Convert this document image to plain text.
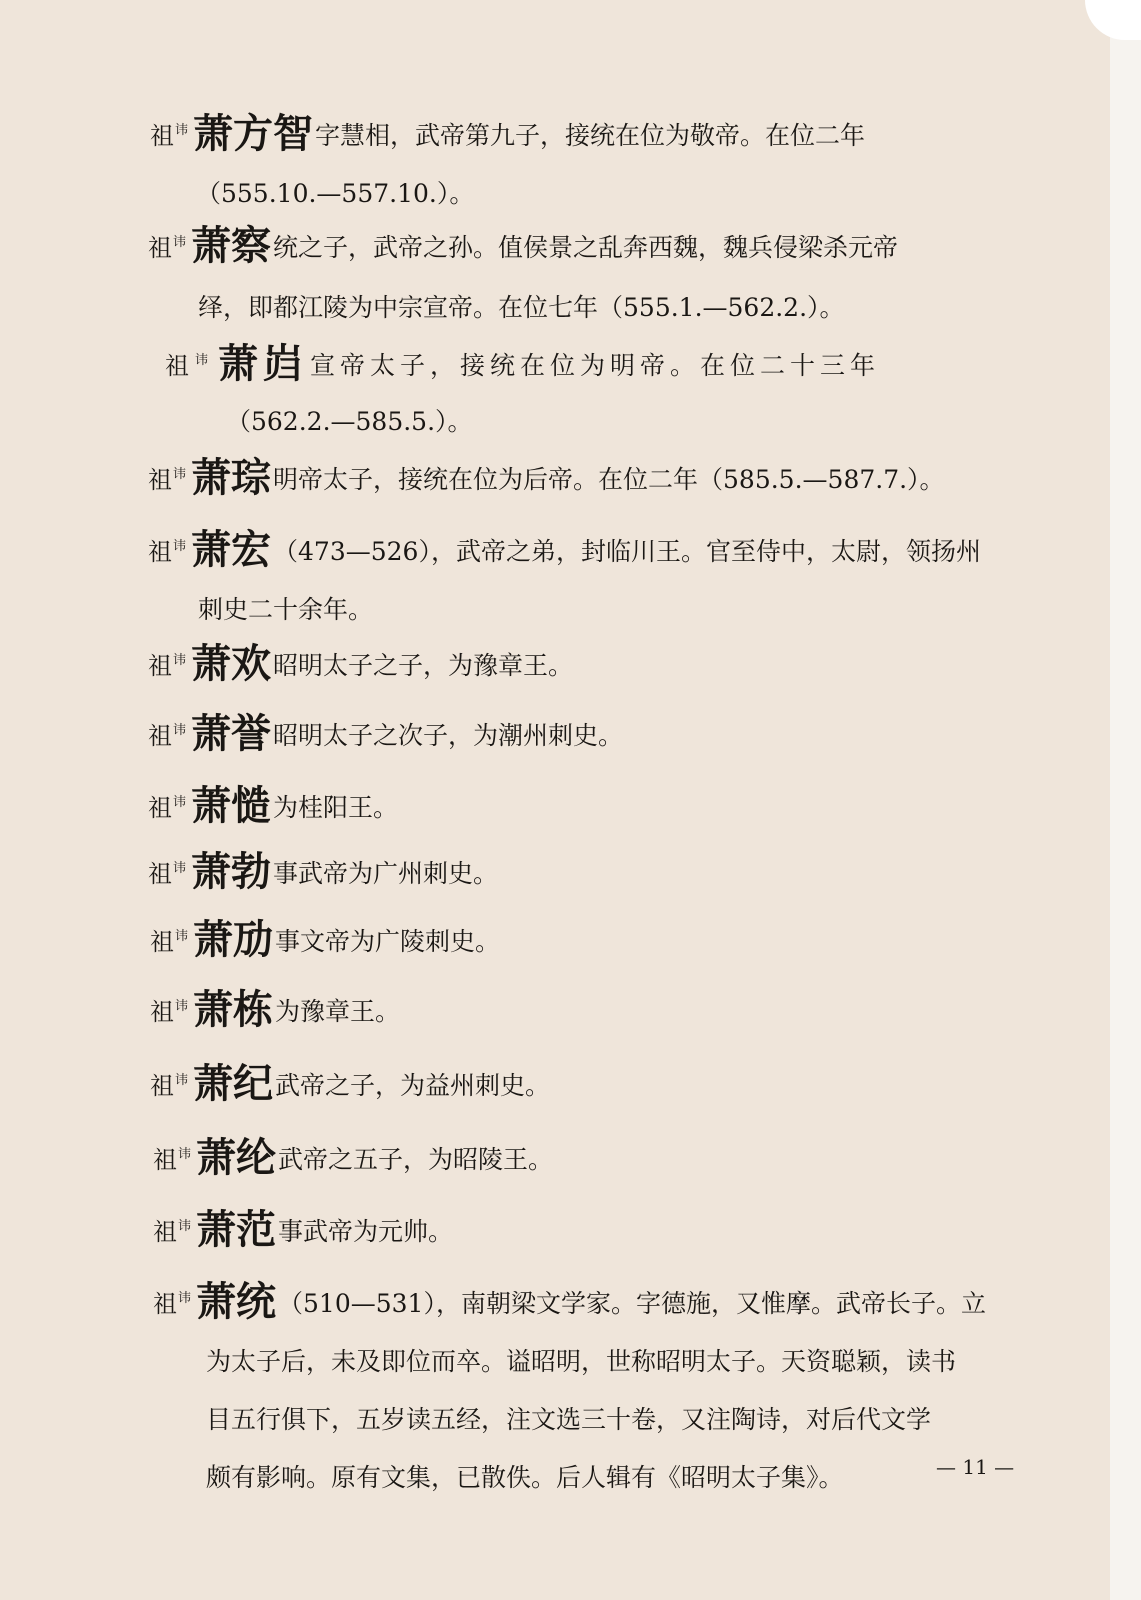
祖$^讳$ 萧方智字慧相，武帝第九子，接统在位为敬帝。在位二年
（555.10.—557.10.）。
祖$^讳$ 萧察统之子，武帝之孙。值侯景之乱奔西魏，魏兵侵梁杀元帝
绎，即都江陵为中宗宣帝。在位七年（555.1.—562.2.）。
祖$^讳$ 萧岿宣帝太子，接统在位为明帝。在位二十三年
（562.2.—585.5.）。
祖$^讳$ 萧琮明帝太子，接统在位为后帝。在位二年（585.5.—587.7.）。
祖$^讳$ 萧宏（473—526），武帝之弟，封临川王。官至侍中，太尉，领扬州
刺史二十余年。
祖$^讳$ 萧欢昭明太子之子，为豫章王。
祖$^讳$ 萧誉昭明太子之次子，为潮州刺史。
祖$^讳$ 萧慥为桂阳王。
祖$^讳$ 萧勃事武帝为广州刺史。
祖$^讳$ 萧劢事文帝为广陵刺史。
祖$^讳$ 萧栋为豫章王。
祖$^讳$ 萧纪武帝之子，为益州刺史。
祖$^讳$ 萧纶武帝之五子，为昭陵王。
祖$^讳$ 萧范事武帝为元帅。
祖$^讳$ 萧统（510—531），南朝梁文学家。字德施，又惟摩。武帝长子。立
为太子后，未及即位而卒。谥昭明，世称昭明太子。天资聪颖，读书
目五行俱下，五岁读五经，注文选三十卷，又注陶诗，对后代文学
颇有影响。原有文集，已散佚。后人辑有《昭明太子集》。	— 11 —
